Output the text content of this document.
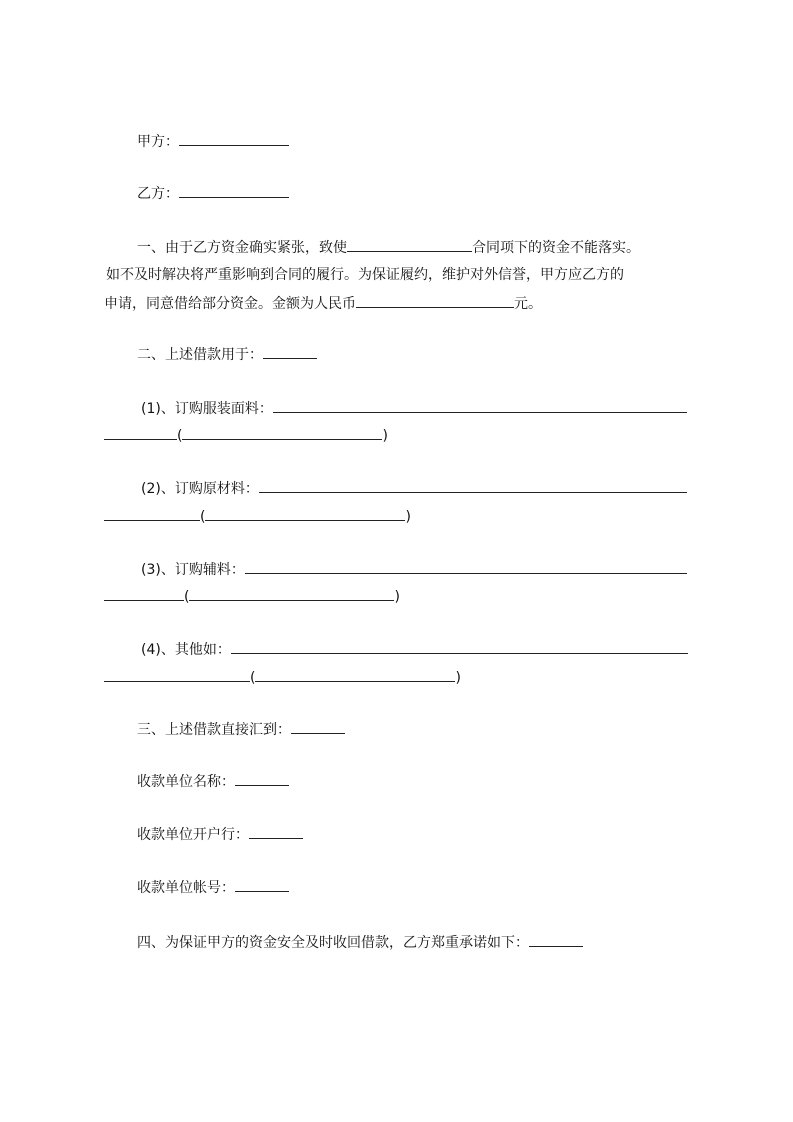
甲方：
乙方：
一、由于乙方资金确实紧张，致使	合同项下的资金不能落实。
如不及时解决将严重影响到合同的履行。为保证履约，维护对外信誉，甲方应乙方的
申请，同意借给部分资金。金额为人民币	元。
二、上述借款用于：
(1)、订购服装面料：
(	)
(2)、订购原材料：
(	)
(3)、订购辅料：
(	)
(4)、其他如：
(	)
三、上述借款直接汇到：
收款单位名称：
收款单位开户行：
收款单位帐号：
四、为保证甲方的资金安全及时收回借款，乙方郑重承诺如下：
